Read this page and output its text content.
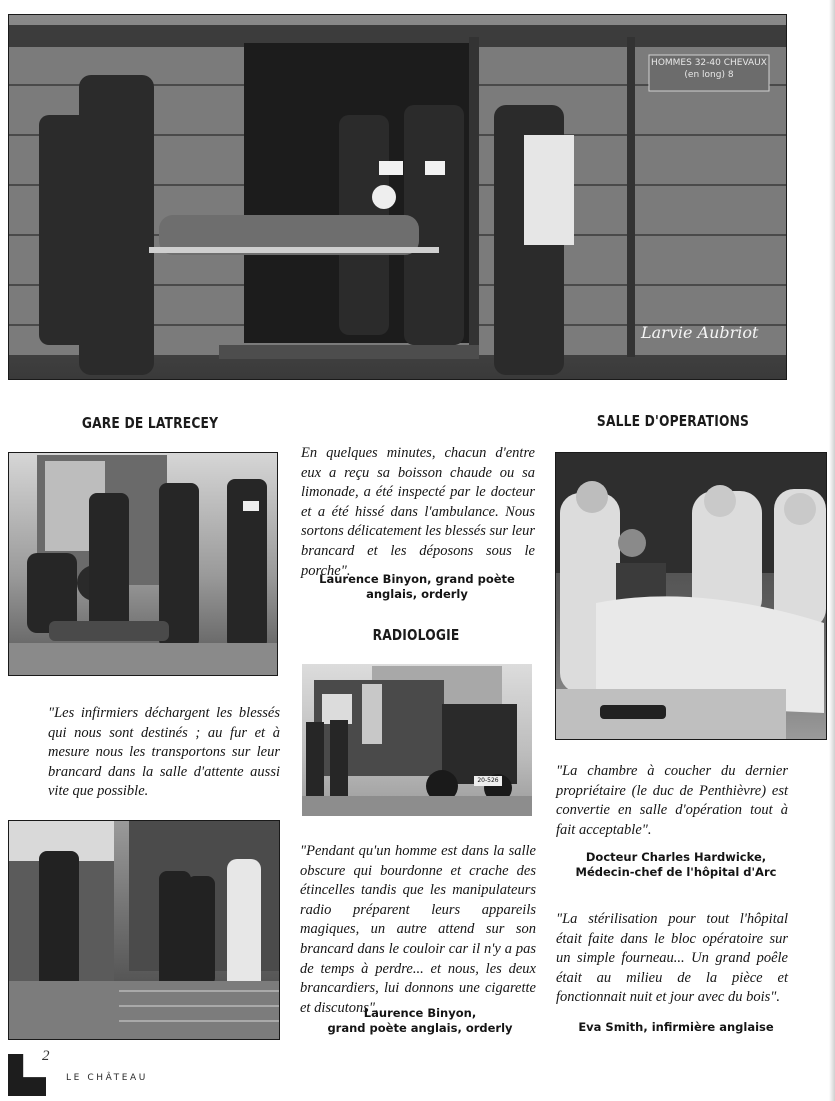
HOMMES 32-40 CHEVAUX (en long) 8
Larvie Aubriot
GARE DE LATRECEY
"Les infirmiers déchargent les blessés qui nous sont destinés ; au fur et à mesure nous les transportons sur leur brancard dans la salle d'attente aussi vite que possible.
En quelques minutes, chacun d'entre eux a reçu sa boisson chaude ou sa limonade, a été inspecté par le docteur et a été hissé dans l'ambulance. Nous sortons délicatement les blessés sur leur brancard et les déposons sous le porche".
Laurence Binyon, grand poète anglais, orderly
RADIOLOGIE
20-526
"Pendant qu'un homme est dans la salle obscure qui bourdonne et crache des étincelles tandis que les manipulateurs radio préparent leurs appareils magiques, un autre attend sur son brancard dans le couloir car il n'y a pas de temps à perdre... et nous, les deux brancardiers, lui donnons une cigarette et discutons".
Laurence Binyon,
grand poète anglais, orderly
SALLE D'OPERATIONS
"La chambre à coucher du dernier propriétaire (le duc de Penthièvre) est convertie en salle d'opération tout à fait acceptable".
Docteur Charles Hardwicke,
Médecin-chef de l'hôpital d'Arc
"La stérilisation pour tout l'hôpital était faite dans le bloc opératoire sur un simple fourneau... Un grand poêle était au milieu de la pièce et fonctionnait nuit et jour avec du bois".
Eva Smith, infirmière anglaise
2
LE CHÂTEAU
